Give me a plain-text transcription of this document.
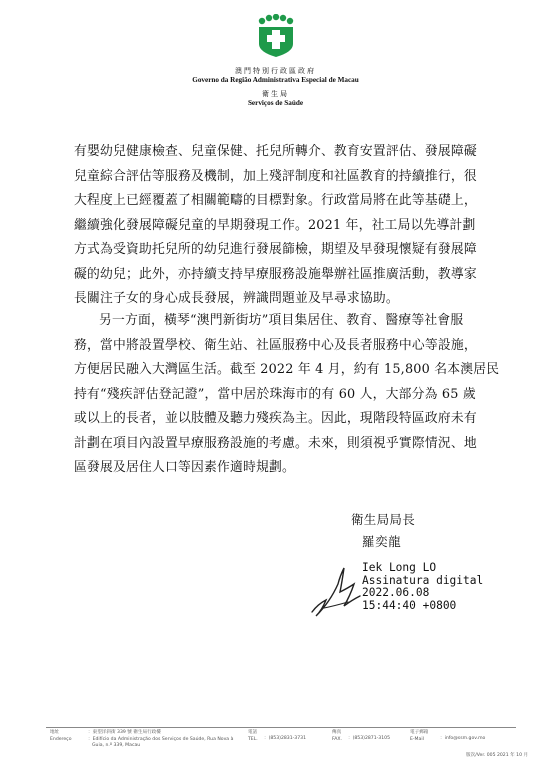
澳門特別行政區政府
Governo da Região Administrativa Especial de Macau
衛生局
Serviços de Saúde
有嬰幼兒健康檢查、兒童保健、托兒所轉介、教育安置評估、發展障礙
兒童綜合評估等服務及機制，加上殘評制度和社區教育的持續推行，很
大程度上已經覆蓋了相關範疇的目標對象。行政當局將在此等基礎上，
繼續強化發展障礙兒童的早期發現工作。2021 年，社工局以先導計劃
方式為受資助托兒所的幼兒進行發展篩檢，期望及早發現懷疑有發展障
礙的幼兒；此外，亦持續支持早療服務設施舉辦社區推廣活動，教導家
長關注子女的身心成長發展，辨識問題並及早尋求協助。
另一方面，橫琴“澳門新街坊”項目集居住、教育、醫療等社會服
務，當中將設置學校、衛生站、社區服務中心及長者服務中心等設施，
方便居民融入大灣區生活。截至 2022 年 4 月，約有 15,800 名本澳居民
持有“殘疾評估登記證”，當中居於珠海市的有 60 人，大部分為 65 歲
或以上的長者，並以肢體及聽力殘疾為主。因此，現階段特區政府未有
計劃在項目內設置早療服務設施的考慮。未來，則須視乎實際情況、地
區發展及居住人口等因素作適時規劃。
衛生局局長
羅奕龍
Iek Long LO
Assinatura digital
2022.06.08
15:44:40 +0800
地址
Endereço
：東望洋斜街 339 號 衛生局行政樓
：Edifício da Administração dos Serviços de Saúde, Rua Nova à
Guia, n.º 339, Macau
電話
TEL. ：(853)2831-3731
傳真
FAX. ：(853)2871-3105
電子郵箱
E-Mail	：info@ssm.gov.mo
版次/Ver. 005 2021 年 10 月
